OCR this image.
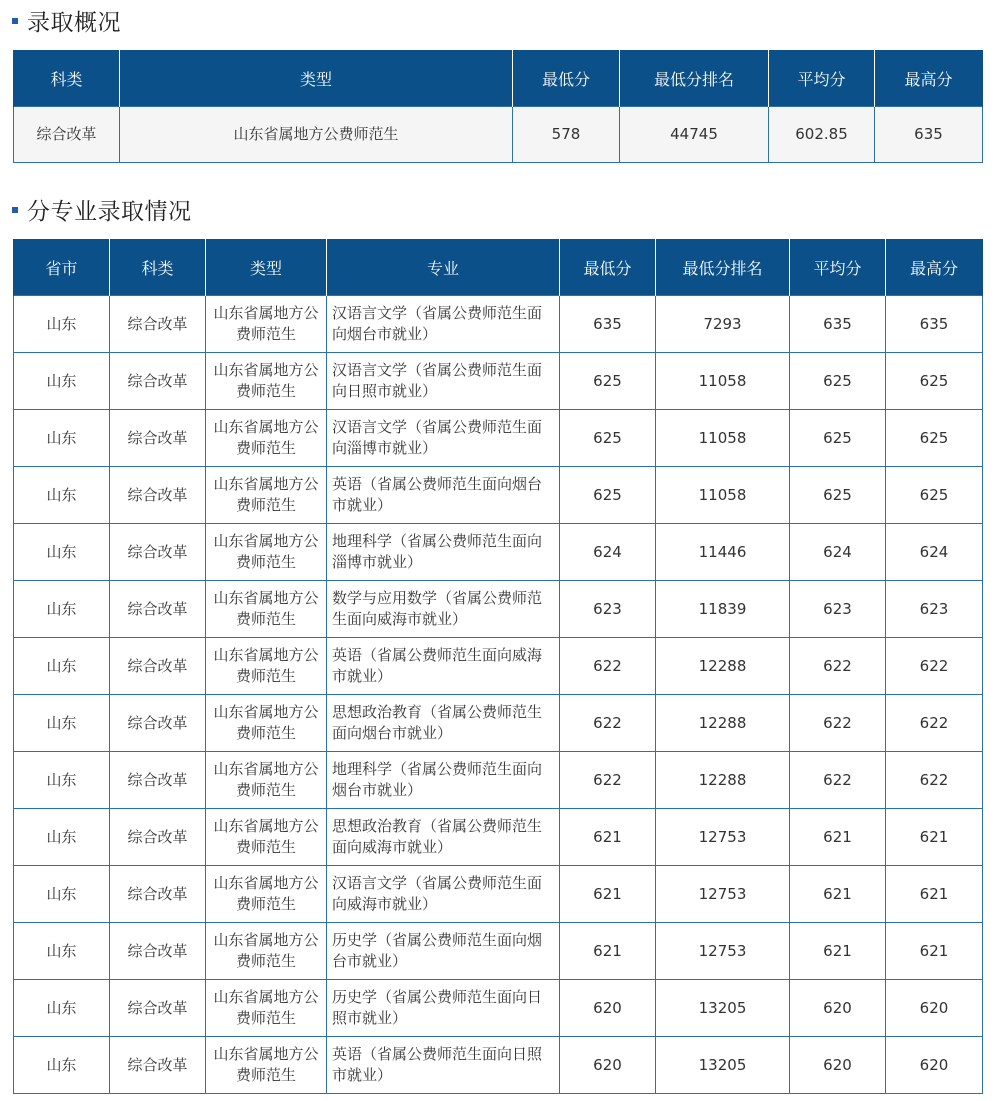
录取概况
科类	类型	最低分	最低分排名	平均分	最高分
综合改革	山东省属地方公费师范生	578	44745	602.85	635
分专业录取情况
省市	科类	类型	专业	最低分	最低分排名	平均分	最高分
山东	综合改革	山东省属地方公费师范生	汉语言文学（省属公费师范生面向烟台市就业）	635	7293	635	635
山东	综合改革	山东省属地方公费师范生	汉语言文学（省属公费师范生面向日照市就业）	625	11058	625	625
山东	综合改革	山东省属地方公费师范生	汉语言文学（省属公费师范生面向淄博市就业）	625	11058	625	625
山东	综合改革	山东省属地方公费师范生	英语（省属公费师范生面向烟台市就业）	625	11058	625	625
山东	综合改革	山东省属地方公费师范生	地理科学（省属公费师范生面向淄博市就业）	624	11446	624	624
山东	综合改革	山东省属地方公费师范生	数学与应用数学（省属公费师范生面向威海市就业）	623	11839	623	623
山东	综合改革	山东省属地方公费师范生	英语（省属公费师范生面向威海市就业）	622	12288	622	622
山东	综合改革	山东省属地方公费师范生	思想政治教育（省属公费师范生面向烟台市就业）	622	12288	622	622
山东	综合改革	山东省属地方公费师范生	地理科学（省属公费师范生面向烟台市就业）	622	12288	622	622
山东	综合改革	山东省属地方公费师范生	思想政治教育（省属公费师范生面向威海市就业）	621	12753	621	621
山东	综合改革	山东省属地方公费师范生	汉语言文学（省属公费师范生面向威海市就业）	621	12753	621	621
山东	综合改革	山东省属地方公费师范生	历史学（省属公费师范生面向烟台市就业）	621	12753	621	621
山东	综合改革	山东省属地方公费师范生	历史学（省属公费师范生面向日照市就业）	620	13205	620	620
山东	综合改革	山东省属地方公费师范生	英语（省属公费师范生面向日照市就业）	620	13205	620	620
